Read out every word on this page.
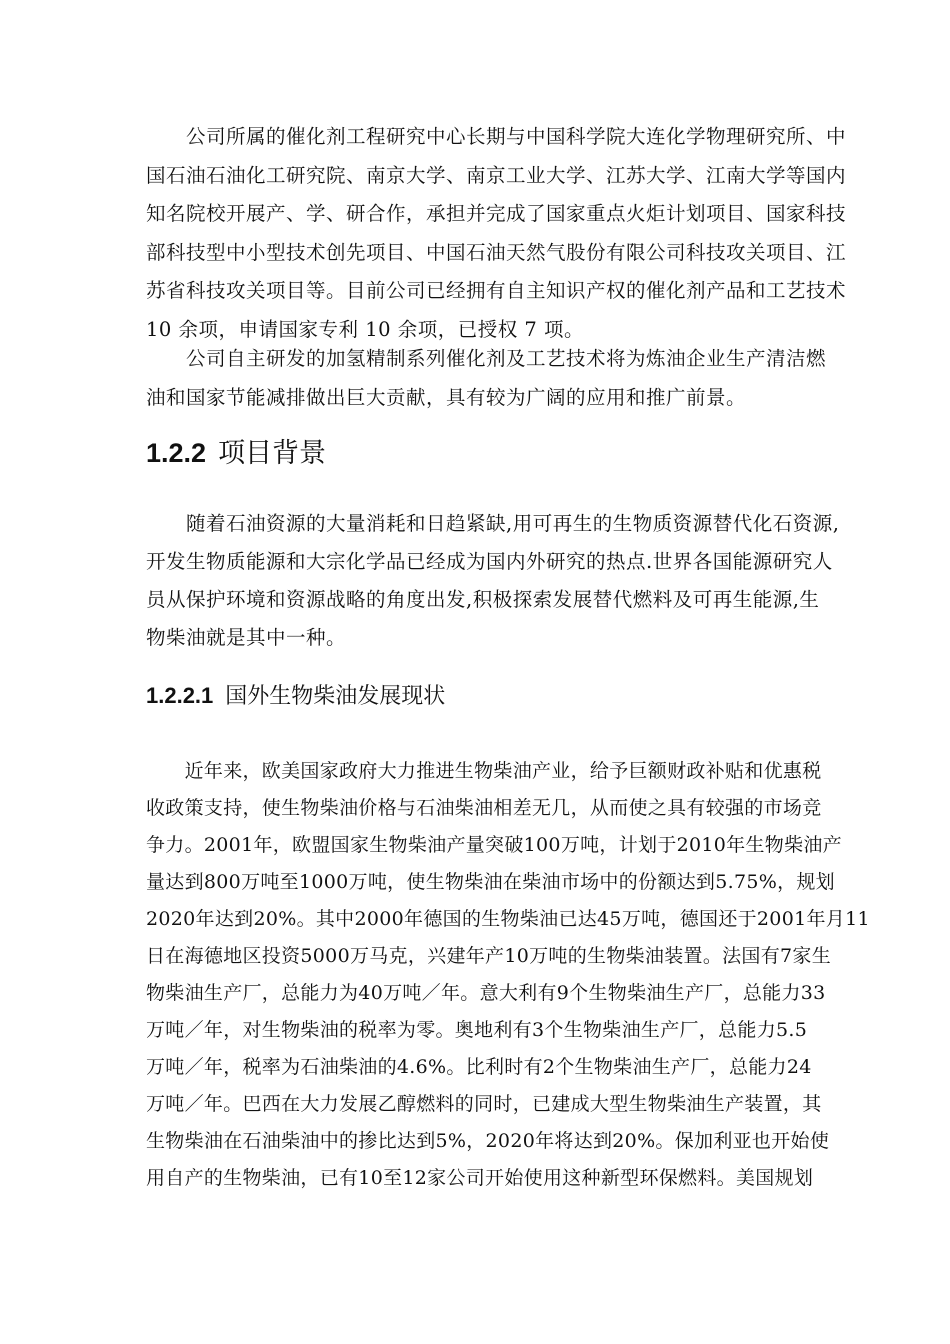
　　公司所属的催化剂工程研究中心长期与中国科学院大连化学物理研究所、中
国石油石油化工研究院、南京大学、南京工业大学、江苏大学、江南大学等国内
知名院校开展产、学、研合作，承担并完成了国家重点火炬计划项目、国家科技
部科技型中小型技术创先项目、中国石油天然气股份有限公司科技攻关项目、江
苏省科技攻关项目等。目前公司已经拥有自主知识产权的催化剂产品和工艺技术
10 余项，申请国家专利 10 余项，已授权 7 项。
　　公司自主研发的加氢精制系列催化剂及工艺技术将为炼油企业生产清洁燃
油和国家节能减排做出巨大贡献，具有较为广阔的应用和推广前景。
1.2.2 项目背景
　　随着石油资源的大量消耗和日趋紧缺,用可再生的生物质资源替代化石资源,
开发生物质能源和大宗化学品已经成为国内外研究的热点.世界各国能源研究人
员从保护环境和资源战略的角度出发,积极探索发展替代燃料及可再生能源,生
物柴油就是其中一种。
1.2.2.1 国外生物柴油发展现状
　　近年来，欧美国家政府大力推进生物柴油产业，给予巨额财政补贴和优惠税
收政策支持，使生物柴油价格与石油柴油相差无几，从而使之具有较强的市场竞
争力。2001年，欧盟国家生物柴油产量突破100万吨，计划于2010年生物柴油产
量达到800万吨至1000万吨，使生物柴油在柴油市场中的份额达到5.75%，规划
2020年达到20%。其中2000年德国的生物柴油已达45万吨，德国还于2001年月11
日在海德地区投资5000万马克，兴建年产10万吨的生物柴油装置。法国有7家生
物柴油生产厂，总能力为40万吨／年。意大利有9个生物柴油生产厂，总能力33
万吨／年，对生物柴油的税率为零。奥地利有3个生物柴油生产厂，总能力5.5
万吨／年，税率为石油柴油的4.6%。比利时有2个生物柴油生产厂，总能力24
万吨／年。巴西在大力发展乙醇燃料的同时，已建成大型生物柴油生产装置，其
生物柴油在石油柴油中的掺比达到5%，2020年将达到20%。保加利亚也开始使
用自产的生物柴油，已有10至12家公司开始使用这种新型环保燃料。美国规划
